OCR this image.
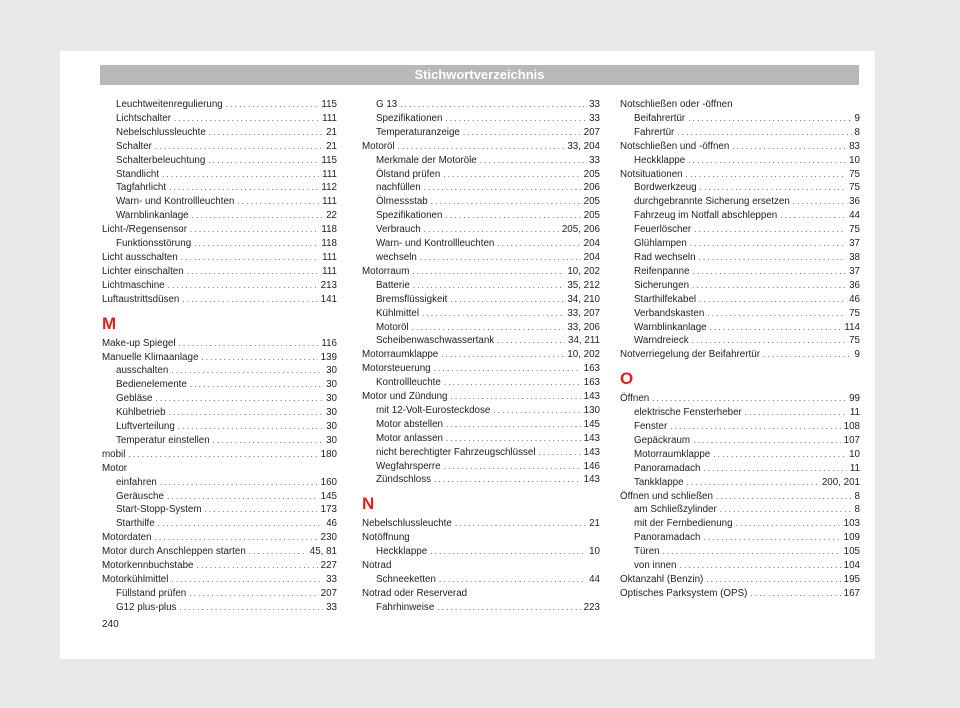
Stichwortverzeichnis
Leuchtweitenregulierung . . .	115
Lichtschalter . . .	111
Nebelschlussleuchte . . .	21
Schalter . . .	21
Schalterbeleuchtung . . .	115
Standlicht . . .	111
Tagfahrlicht . . .	112
Warn- und Kontrollleuchten . . .	111
Warnblinkanlage . . .	22
Licht-/Regensensor . . .	118
Funktionsstörung . . .	118
Licht ausschalten . . .	111
Lichter einschalten . . .	111
Lichtmaschine . . .	213
Luftaustrittsdüsen . . .	141
M
Make-up Spiegel . . .	116
Manuelle Klimaanlage . . .	139
ausschalten . . .	30
Bedienelemente . . .	30
Gebläse . . .	30
Kühlbetrieb . . .	30
Luftverteilung . . .	30
Temperatur einstellen . . .	30
mobil . . .	180
Motor
einfahren . . .	160
Geräusche . . .	145
Start-Stopp-System . . .	173
Starthilfe . . .	46
Motordaten . . .	230
Motor durch Anschleppen starten . . .	45, 81
Motorkennbuchstabe . . .	227
Motorkühlmittel . . .	33
Füllstand prüfen . . .	207
G12 plus-plus . . .	33
G 13 . . .	33
Spezifikationen . . .	33
Temperaturanzeige . . .	207
Motoröl . . .	33, 204
Merkmale der Motoröle . . .	33
Ölstand prüfen . . .	205
nachfüllen . . .	206
Ölmessstab . . .	205
Spezifikationen . . .	205
Verbrauch . . .	205, 206
Warn- und Kontrollleuchten . . .	204
wechseln . . .	204
Motorraum . . .	10, 202
Batterie . . .	35, 212
Bremsflüssigkeit . . .	34, 210
Kühlmittel . . .	33, 207
Motoröl . . .	33, 206
Scheibenwaschwassertank . . .	34, 211
Motorraumklappe . . .	10, 202
Motorsteuerung . . .	163
Kontrollleuchte . . .	163
Motor und Zündung . . .	143
mit 12-Volt-Eurosteckdose . . .	130
Motor abstellen . . .	145
Motor anlassen . . .	143
nicht berechtigter Fahrzeugschlüssel . . .	143
Wegfahrsperre . . .	146
Zündschloss . . .	143
N
Nebelschlussleuchte . . .	21
Notöffnung
Heckklappe . . .	10
Notrad
Schneeketten . . .	44
Notrad oder Reserverad
Fahrhinweise . . .	223
Notschließen oder -öffnen
Beifahrertür . . .	9
Fahrertür . . .	8
Notschließen und -öffnen . . .	83
Heckklappe . . .	10
Notsituationen . . .	75
Bordwerkzeug . . .	75
durchgebrannte Sicherung ersetzen . . .	36
Fahrzeug im Notfall abschleppen . . .	44
Feuerlöscher . . .	75
Glühlampen . . .	37
Rad wechseln . . .	38
Reifenpanne . . .	37
Sicherungen . . .	36
Starthilfekabel . . .	46
Verbandskasten . . .	75
Warnblinkanlage . . .	114
Warndreieck . . .	75
Notverriegelung der Beifahrertür . . .	9
O
Öffnen . . .	99
elektrische Fensterheber . . .	11
Fenster . . .	108
Gepäckraum . . .	107
Motorraumklappe . . .	10
Panoramadach . . .	11
Tankklappe . . .	200, 201
Öffnen und schließen . . .	8
am Schließzylinder . . .	8
mit der Fernbedienung . . .	103
Panoramadach . . .	109
Türen . . .	105
von innen . . .	104
Oktanzahl (Benzin) . . .	195
Optisches Parksystem (OPS) . . .	167
240
